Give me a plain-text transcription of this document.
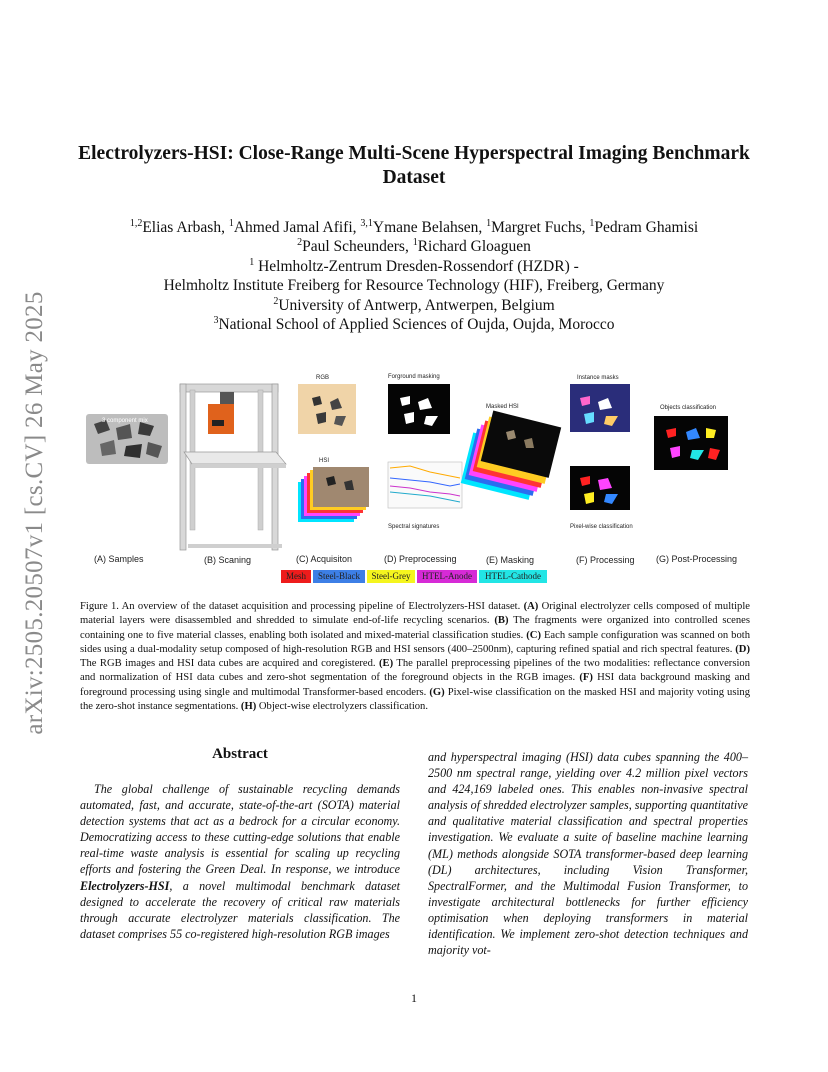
arXiv:2505.20507v1 [cs.CV] 26 May 2025
Electrolyzers-HSI: Close-Range Multi-Scene Hyperspectral Imaging Benchmark Dataset
$^{1,2}$Elias Arbash, $^1$Ahmed Jamal Afifi, $^{3,1}$Ymane Belahsen, $^1$Margret Fuchs, $^1$Pedram Ghamisi
$^2$Paul Scheunders, $^1$Richard Gloaguen
$^1$ Helmholtz-Zentrum Dresden-Rossendorf (HZDR) -
Helmholtz Institute Freiberg for Resource Technology (HIF), Freiberg, Germany
$^2$University of Antwerp, Antwerpen, Belgium
$^3$National School of Applied Sciences of Oujda, Oujda, Morocco
RGB	Forground masking
HSI
Masked HSI
Instance masks
Objects classification
Spectral signatures	Pixel-wise classification
3 component mix
(A) Samples	(B) Scaning	(C) Acquisiton	(D) Preprocessing	(E) Masking	(F) Processing (G) Post-Processing
Mesh	Steel-Black	Steel-Grey	HTEL-Anode	HTEL-Cathode
Figure 1. An overview of the dataset acquisition and processing pipeline of Electrolyzers-HSI dataset. (A) Original electrolyzer cells composed of multiple material layers were disassembled and shredded to simulate end-of-life recycling scenarios. (B) The fragments were organized into controlled scenes containing one to five material classes, enabling both isolated and mixed-material classification studies. (C) Each sample configuration was scanned on both sides using a dual-modality setup composed of high-resolution RGB and HSI sensors (400–2500nm), capturing refined spatial and rich spectral features. (D) The RGB images and HSI data cubes are acquired and coregistered. (E) The parallel preprocessing pipelines of the two modalities: reflectance conversion and normalization of HSI data cubes and zero-shot segmentation of the foreground objects in the RGB images. (F) HSI data background masking and foreground processing using single and multimodal Transformer-based encoders. (G) Pixel-wise classification on the masked HSI and majority voting using the zero-shot instance segmentations. (H) Object-wise electrolyzers classification.
Abstract
The global challenge of sustainable recycling demands automated, fast, and accurate, state-of-the-art (SOTA) material detection systems that act as a bedrock for a circular economy. Democratizing access to these cutting-edge solutions that enable real-time waste analysis is essential for scaling up recycling efforts and fostering the Green Deal. In response, we introduce Electrolyzers-HSI, a novel multimodal benchmark dataset designed to accelerate the recovery of critical raw materials through accurate electrolyzer materials classification. The dataset comprises 55 co-registered high-resolution RGB images
and hyperspectral imaging (HSI) data cubes spanning the 400–2500 nm spectral range, yielding over 4.2 million pixel vectors and 424,169 labeled ones. This enables non-invasive spectral analysis of shredded electrolyzer samples, supporting quantitative and qualitative material classification and spectral properties investigation. We evaluate a suite of baseline machine learning (ML) methods alongside SOTA transformer-based deep learning (DL) architectures, including Vision Transformer, SpectralFormer, and the Multimodal Fusion Transformer, to investigate architectural bottlenecks for further efficiency optimisation when deploying transformers in material identification. We implement zero-shot detection techniques and majority vot-
1
